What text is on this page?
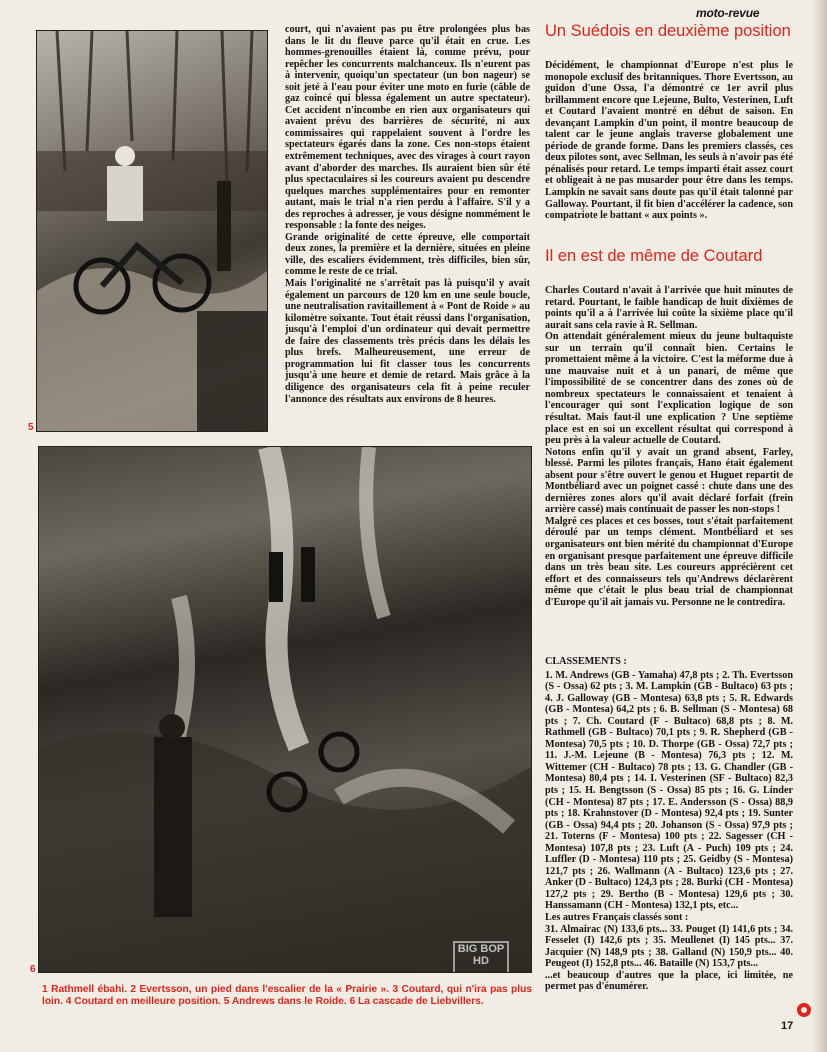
moto-revue
5

court, qui n'avaient pas pu être prolongées plus bas dans le lit du fleuve parce qu'il était en crue. Les hommes-grenouilles étaient là, comme prévu, pour repêcher les concurrents malchanceux. Ils n'eurent pas à intervenir, quoiqu'un spectateur (un bon nageur) se soit jeté à l'eau pour éviter une moto en furie (câble de gaz coincé qui blessa également un autre spectateur). Cet accident n'incombe en rien aux organisateurs qui avaient prévu des barrières de sécurité, ni aux commissaires qui rappelaient souvent à l'ordre les spectateurs égarés dans la zone. Ces non-stops étaient extrêmement techniques, avec des virages à court rayon avant d'aborder des marches. Ils auraient bien sûr été plus spectaculaires si les coureurs avaient pu descendre quelques marches supplémentaires pour en remonter autant, mais le trial n'a rien perdu à l'affaire. S'il y a des reproches à adresser, je vous désigne nommément le responsable : la fonte des neiges.

Grande originalité de cette épreuve, elle comportait deux zones, la première et la dernière, situées en pleine ville, des escaliers évidemment, très difficiles, bien sûr, comme le reste de ce trial.

Mais l'originalité ne s'arrêtait pas là puisqu'il y avait également un parcours de 120 km en une seule boucle, une neutralisation ravitaillement à « Pont de Roide » au kilomètre soixante. Tout était réussi dans l'organisation, jusqu'à l'emploi d'un ordinateur qui devait permettre de faire des classements très précis dans les délais les plus brefs. Malheureusement, une erreur de programmation lui fit classer tous les concurrents jusqu'à une heure et demie de retard. Mais grâce à la diligence des organisateurs cela fit à peine reculer l'annonce des résultats aux environs de 8 heures.

BIG BOP HD
6
Un Suédois en deuxième position

Décidément, le championnat d'Europe n'est plus le monopole exclusif des britanniques. Thore Evertsson, au guidon d'une Ossa, l'a démontré ce 1er avril plus brillamment encore que Lejeune, Bulto, Vesterinen, Luft et Coutard l'avaient montré en début de saison. En devançant Lampkin d'un point, il montre beaucoup de talent car le jeune anglais traverse globalement une période de grande forme. Dans les premiers classés, ces deux pilotes sont, avec Sellman, les seuls à n'avoir pas été pénalisés pour retard. Le temps imparti était assez court et obligeait à ne pas musarder pour être dans les temps. Lampkin ne savait sans doute pas qu'il était talonné par Galloway. Pourtant, il fit bien d'accélérer la cadence, son compatriote le battant « aux points ».

Il en est de même de Coutard

Charles Coutard n'avait à l'arrivée que huit minutes de retard. Pourtant, le faible handicap de huit dixièmes de points qu'il a à l'arrivée lui coûte la sixième place qu'il aurait sans cela ravie à R. Sellman.

On attendait généralement mieux du jeune bultaquiste sur un terrain qu'il connaît bien. Certains le promettaient même à la victoire. C'est la méforme due à une mauvaise nuit et à un panari, de même que l'impossibilité de se concentrer dans des zones où de nombreux spectateurs le connaissaient et tenaient à l'encourager qui sont l'explication logique de son résultat. Mais faut-il une explication ? Une septième place est en soi un excellent résultat qui correspond à peu près à la valeur actuelle de Coutard.

Notons enfin qu'il y avait un grand absent, Farley, blessé. Parmi les pilotes français, Hano était également absent pour s'être ouvert le genou et Huguet repartit de Montbéliard avec un poignet cassé : chute dans une des dernières zones alors qu'il avait déclaré forfait (frein arrière cassé) mais continuait de passer les non-stops !

Malgré ces places et ces bosses, tout s'était parfaitement déroulé par un temps clément. Montbéliard et ses organisateurs ont bien mérité du championnat d'Europe en organisant presque parfaitement une épreuve difficile dans un très beau site. Les coureurs apprécièrent cet effort et des connaisseurs tels qu'Andrews déclarèrent même que c'était le plus beau trial de championnat d'Europe qu'il ait jamais vu. Personne ne le contredira.

CLASSEMENTS :

1. M. Andrews (GB - Yamaha) 47,8 pts ; 2. Th. Evertsson (S - Ossa) 62 pts ; 3. M. Lampkin (GB - Bultaco) 63 pts ; 4. J. Galloway (GB - Montesa) 63,8 pts ; 5. R. Edwards (GB - Montesa) 64,2 pts ; 6. B. Sellman (S - Montesa) 68 pts ; 7. Ch. Coutard (F - Bultaco) 68,8 pts ; 8. M. Rathmell (GB - Bultaco) 70,1 pts ; 9. R. Shepherd (GB - Montesa) 70,5 pts ; 10. D. Thorpe (GB - Ossa) 72,7 pts ; 11. J.-M. Lejeune (B - Montesa) 76,3 pts ; 12. M. Wittemer (CH - Bultaco) 78 pts ; 13. G. Chandler (GB - Montesa) 80,4 pts ; 14. I. Vesterinen (SF - Bultaco) 82,3 pts ; 15. H. Bengtsson (S - Ossa) 85 pts ; 16. G. Linder (CH - Montesa) 87 pts ; 17. E. Andersson (S - Ossa) 88,9 pts ; 18. Krahnstover (D - Montesa) 92,4 pts ; 19. Sunter (GB - Ossa) 94,4 pts ; 20. Johanson (S - Ossa) 97,9 pts ; 21. Toterns (F - Montesa) 100 pts ; 22. Sagesser (CH - Montesa) 107,8 pts ; 23. Luft (A - Puch) 109 pts ; 24. Luffler (D - Montesa) 110 pts ; 25. Geidby (S - Montesa) 121,7 pts ; 26. Wallmann (A - Bultaco) 123,6 pts ; 27. Anker (D - Bultaco) 124,3 pts ; 28. Burki (CH - Montesa) 127,2 pts ; 29. Bertho (B - Montesa) 129,6 pts ; 30. Hanssamann (CH - Montesa) 132,1 pts, etc...

Les autres Français classés sont :

31. Almairac (N) 133,6 pts... 33. Pouget (I) 141,6 pts ; 34. Fesselet (I) 142,6 pts ; 35. Meullenet (I) 145 pts... 37. Jacquier (N) 148,9 pts ; 38. Galland (N) 150,9 pts... 40. Peugeot (I) 152,8 pts... 46. Bataille (N) 153,7 pts...

...et beaucoup d'autres que la place, ici limitée, ne permet pas d'énumérer.

1 Rathmell ébahi. 2 Evertsson, un pied dans l'escalier de la « Prairie ». 3 Coutard, qui n'ira pas plus loin. 4 Coutard en meilleure position. 5 Andrews dans le Roide. 6 La cascade de Liebvillers.
17
